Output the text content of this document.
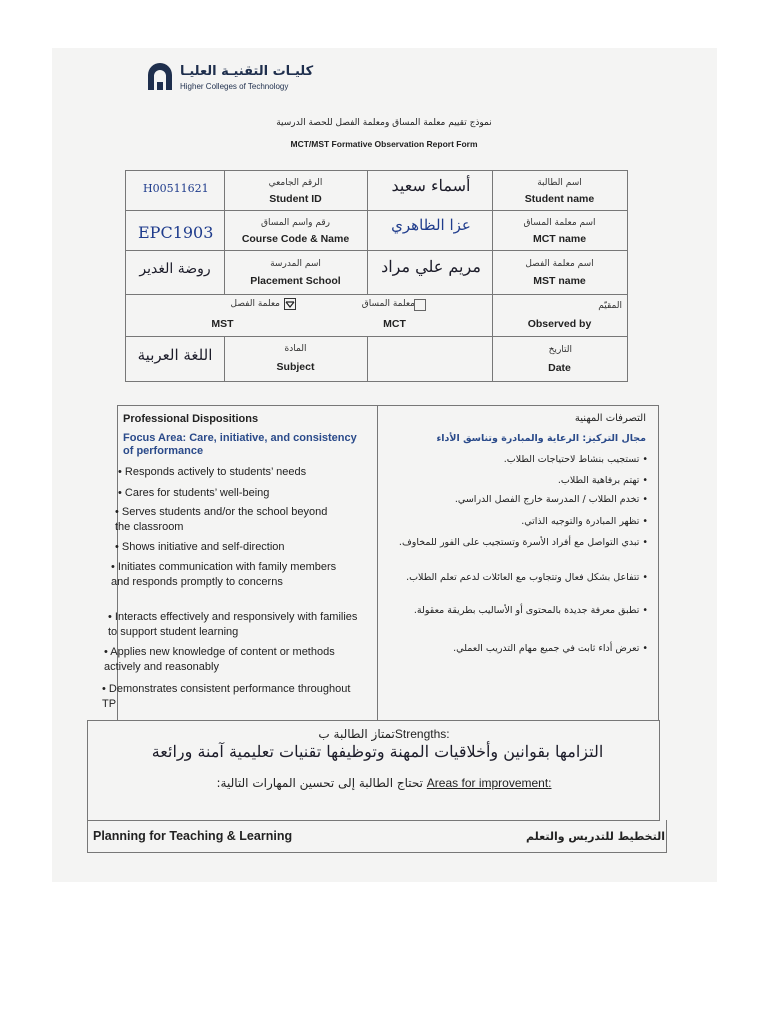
كليـات التقنيـة العليـا
Higher Colleges of Technology
نموذج تقييم معلمة المساق ومعلمة الفصل للحصة الدرسية
MCT/MST Formative Observation Report Form
اسم الطالبة
Student name
أسماء سعيد
الرقم الجامعي
Student ID
H00511621
اسم معلمة المساق
MCT name
عزا الظاهري
رقم واسم المساق
Course Code & Name
EPC1903
اسم معلمة الفصل
MST name
مريم علي مراد
اسم المدرسة
Placement School
روضة الغدير
المقيّم
Observed by
معلمة المساق
MCT
معلمة الفصل
MST
التاريخ
Date
المادة
Subject
اللغة العربية
Professional Dispositions
Focus Area: Care, initiative, and consistency of performance
• Responds actively to students’ needs
• Cares for students’ well-being
• Serves students and/or the school beyond the classroom
• Shows initiative and self-direction
• Initiates communication with family members and responds promptly to concerns
• Interacts effectively and responsively with families to support student learning
• Applies new knowledge of content or methods actively and reasonably
• Demonstrates consistent performance throughout TP
التصرفات المهنية
مجال التركيز: الرعاية والمبادرة وتناسق الأداء
• تستجيب بنشاط لاحتياجات الطلاب.
• تهتم برفاهية الطلاب.
• تخدم الطلاب / المدرسة خارج الفصل الدراسي.
• تظهر المبادرة والتوجيه الذاتي.
• تبدي التواصل مع أفراد الأسرة وتستجيب على الفور للمخاوف.
• تتفاعل بشكل فعال وتتجاوب مع العائلات لدعم تعلم الطلاب.
• تطبق معرفة جديدة بالمحتوى أو الأساليب بطريقة معقولة.
• تعرض أداء ثابت في جميع مهام التدريب العملي.
تمتاز الطالبة بStrengths:
التزامها بقوانين وأخلاقيات المهنة وتوظيفها تقنيات تعليمية آمنة ورائعة
تحتاج الطالبة إلى تحسين المهارات التالية: Areas for improvement:
Planning for Teaching & Learning	التخطيط للتدريس والتعلم
